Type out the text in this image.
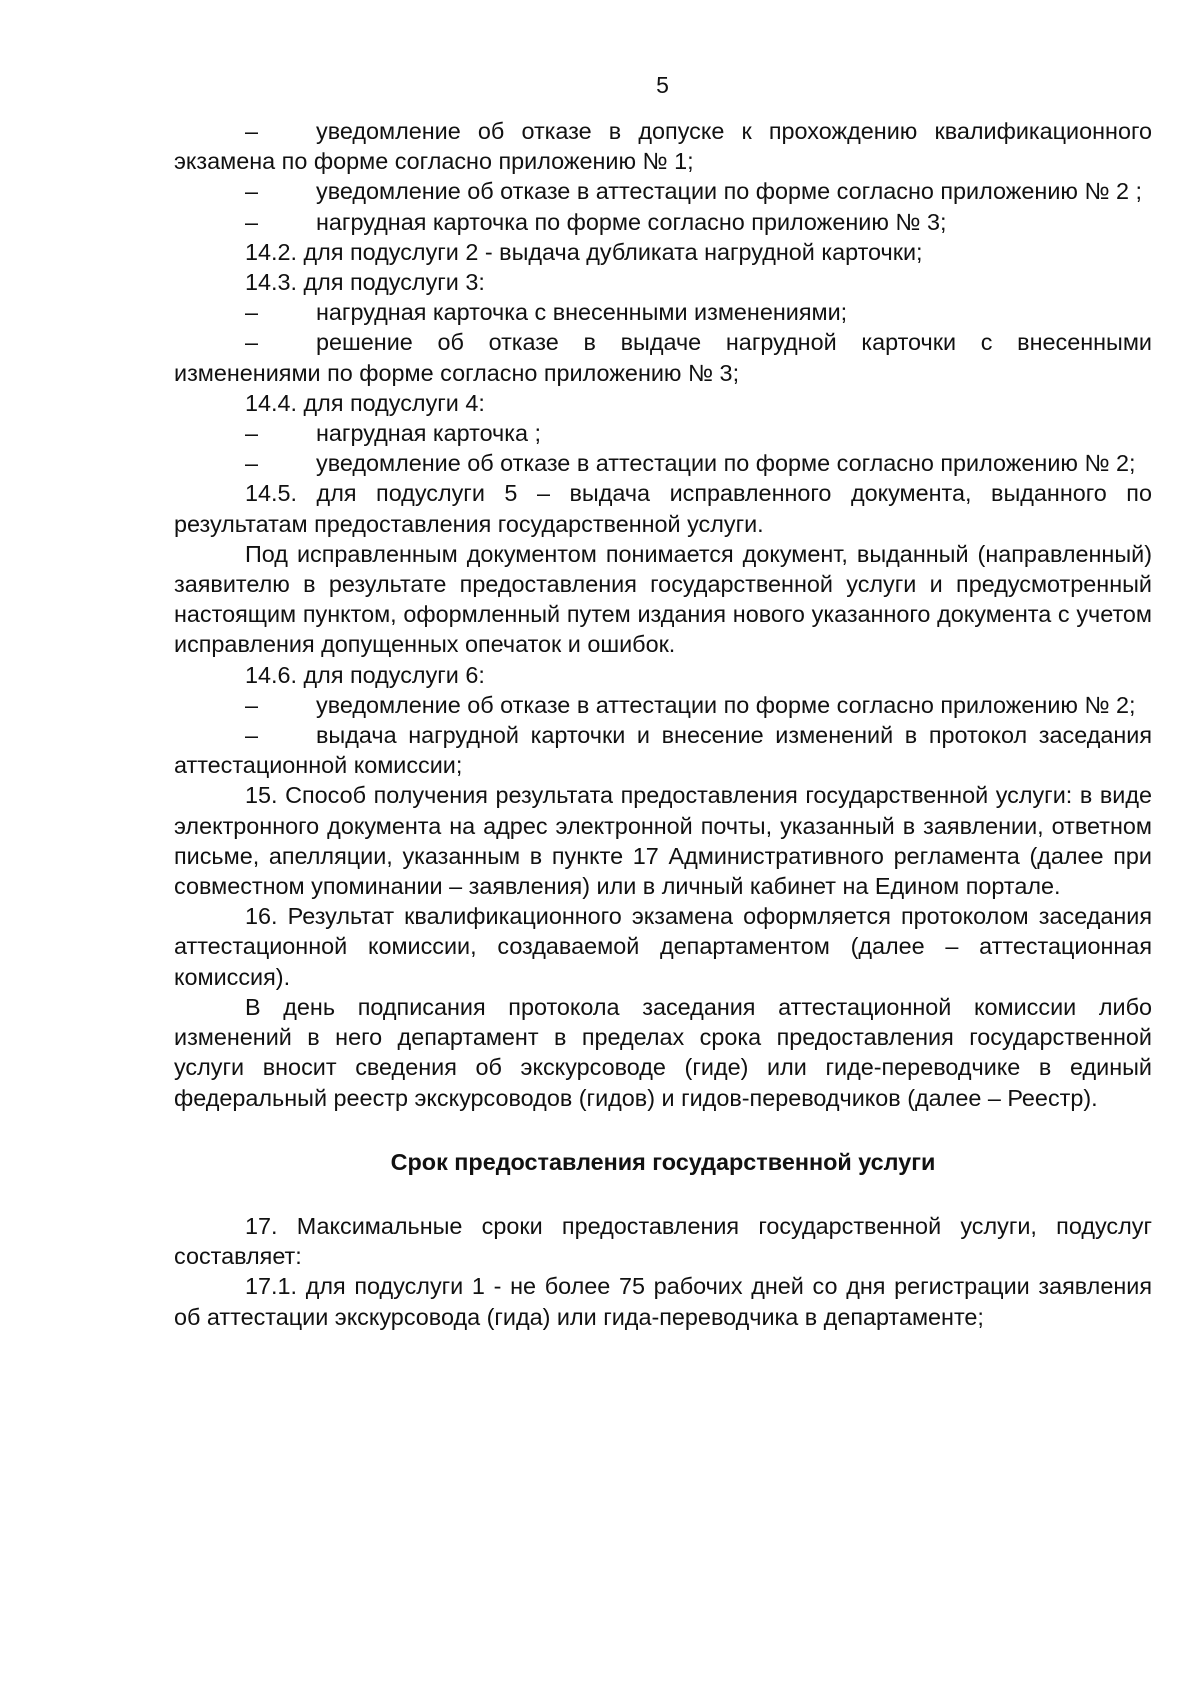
5

– уведомление об отказе в допуске к прохождению квалификационного экзамена по форме согласно приложению № 1;

– уведомление об отказе в аттестации по форме согласно приложению № 2 ;

– нагрудная карточка по форме согласно приложению № 3;

14.2. для подуслуги 2 - выдача дубликата нагрудной карточки;

14.3. для подуслуги 3:

– нагрудная карточка с внесенными изменениями;

– решение об отказе в выдаче нагрудной карточки с внесенными изменениями по форме согласно приложению № 3;

14.4. для подуслуги 4:

– нагрудная карточка ;

– уведомление об отказе в аттестации по форме согласно приложению № 2;

14.5. для подуслуги 5 – выдача исправленного документа, выданного по результатам предоставления государственной услуги.

Под исправленным документом понимается документ, выданный (направленный) заявителю в результате предоставления государственной услуги и предусмотренный настоящим пунктом, оформленный путем издания нового указанного документа с учетом исправления допущенных опечаток и ошибок.

14.6. для подуслуги 6:

– уведомление об отказе в аттестации по форме согласно приложению № 2;

– выдача нагрудной карточки и внесение изменений в протокол заседания аттестационной комиссии;

15. Способ получения результата предоставления государственной услуги: в виде электронного документа на адрес электронной почты, указанный в заявлении, ответном письме, апелляции, указанным в пункте 17 Административного регламента (далее при совместном упоминании – заявления) или в личный кабинет на Едином портале.

16. Результат квалификационного экзамена оформляется протоколом заседания аттестационной комиссии, создаваемой департаментом (далее – аттестационная комиссия).

В день подписания протокола заседания аттестационной комиссии либо изменений в него департамент в пределах срока предоставления государственной услуги вносит сведения об экскурсоводе (гиде) или гиде-переводчике в единый федеральный реестр экскурсоводов (гидов) и гидов-переводчиков (далее – Реестр).

Срок предоставления государственной услуги

17. Максимальные сроки предоставления государственной услуги, подуслуг составляет:

17.1. для подуслуги 1 - не более 75 рабочих дней со дня регистрации заявления об аттестации экскурсовода (гида) или гида-переводчика в департаменте;
